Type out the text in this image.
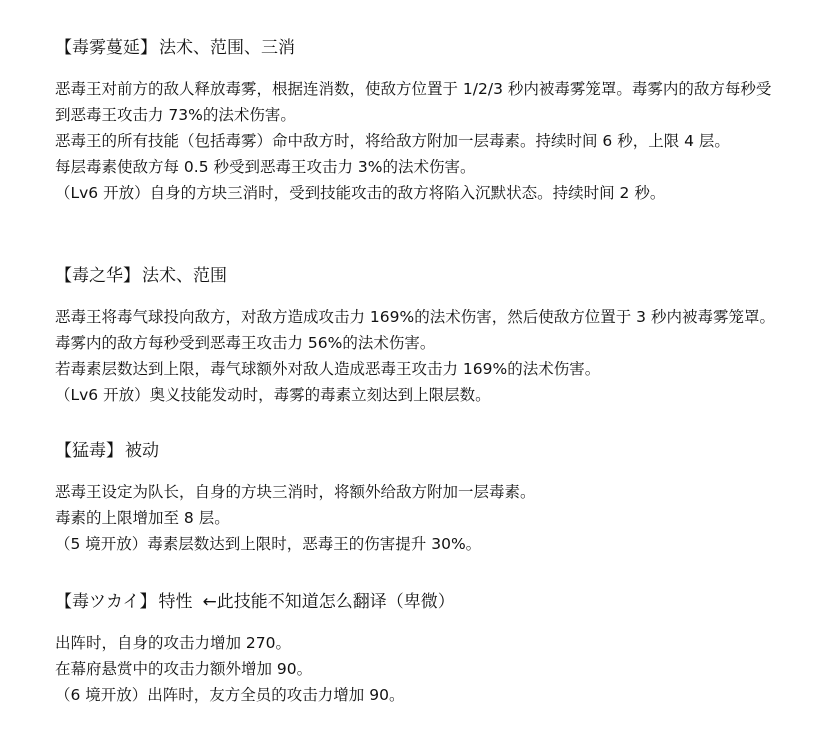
【毒雾蔓延】 法术、范围、三消
恶毒王对前方的敌人释放毒雾，根据连消数，使敌方位置于 1/2/3 秒内被毒雾笼罩。毒雾内的敌方每秒受到恶毒王攻击力 73%的法术伤害。
恶毒王的所有技能（包括毒雾）命中敌方时，将给敌方附加一层毒素。持续时间 6 秒，上限 4 层。
每层毒素使敌方每 0.5 秒受到恶毒王攻击力 3%的法术伤害。
（Lv6 开放）自身的方块三消时，受到技能攻击的敌方将陷入沉默状态。持续时间 2 秒。
【毒之华】 法术、范围
恶毒王将毒气球投向敌方，对敌方造成攻击力 169%的法术伤害，然后使敌方位置于 3 秒内被毒雾笼罩。毒雾内的敌方每秒受到恶毒王攻击力 56%的法术伤害。
若毒素层数达到上限，毒气球额外对敌人造成恶毒王攻击力 169%的法术伤害。
（Lv6 开放）奥义技能发动时，毒雾的毒素立刻达到上限层数。
【猛毒】 被动
恶毒王设定为队长，自身的方块三消时，将额外给敌方附加一层毒素。
毒素的上限增加至 8 层。
（5 境开放）毒素层数达到上限时，恶毒王的伤害提升 30%。
【毒ツカイ】 特性 ←此技能不知道怎么翻译（卑微）
出阵时，自身的攻击力增加 270。
在幕府悬赏中的攻击力额外增加 90。
（6 境开放）出阵时，友方全员的攻击力增加 90。
